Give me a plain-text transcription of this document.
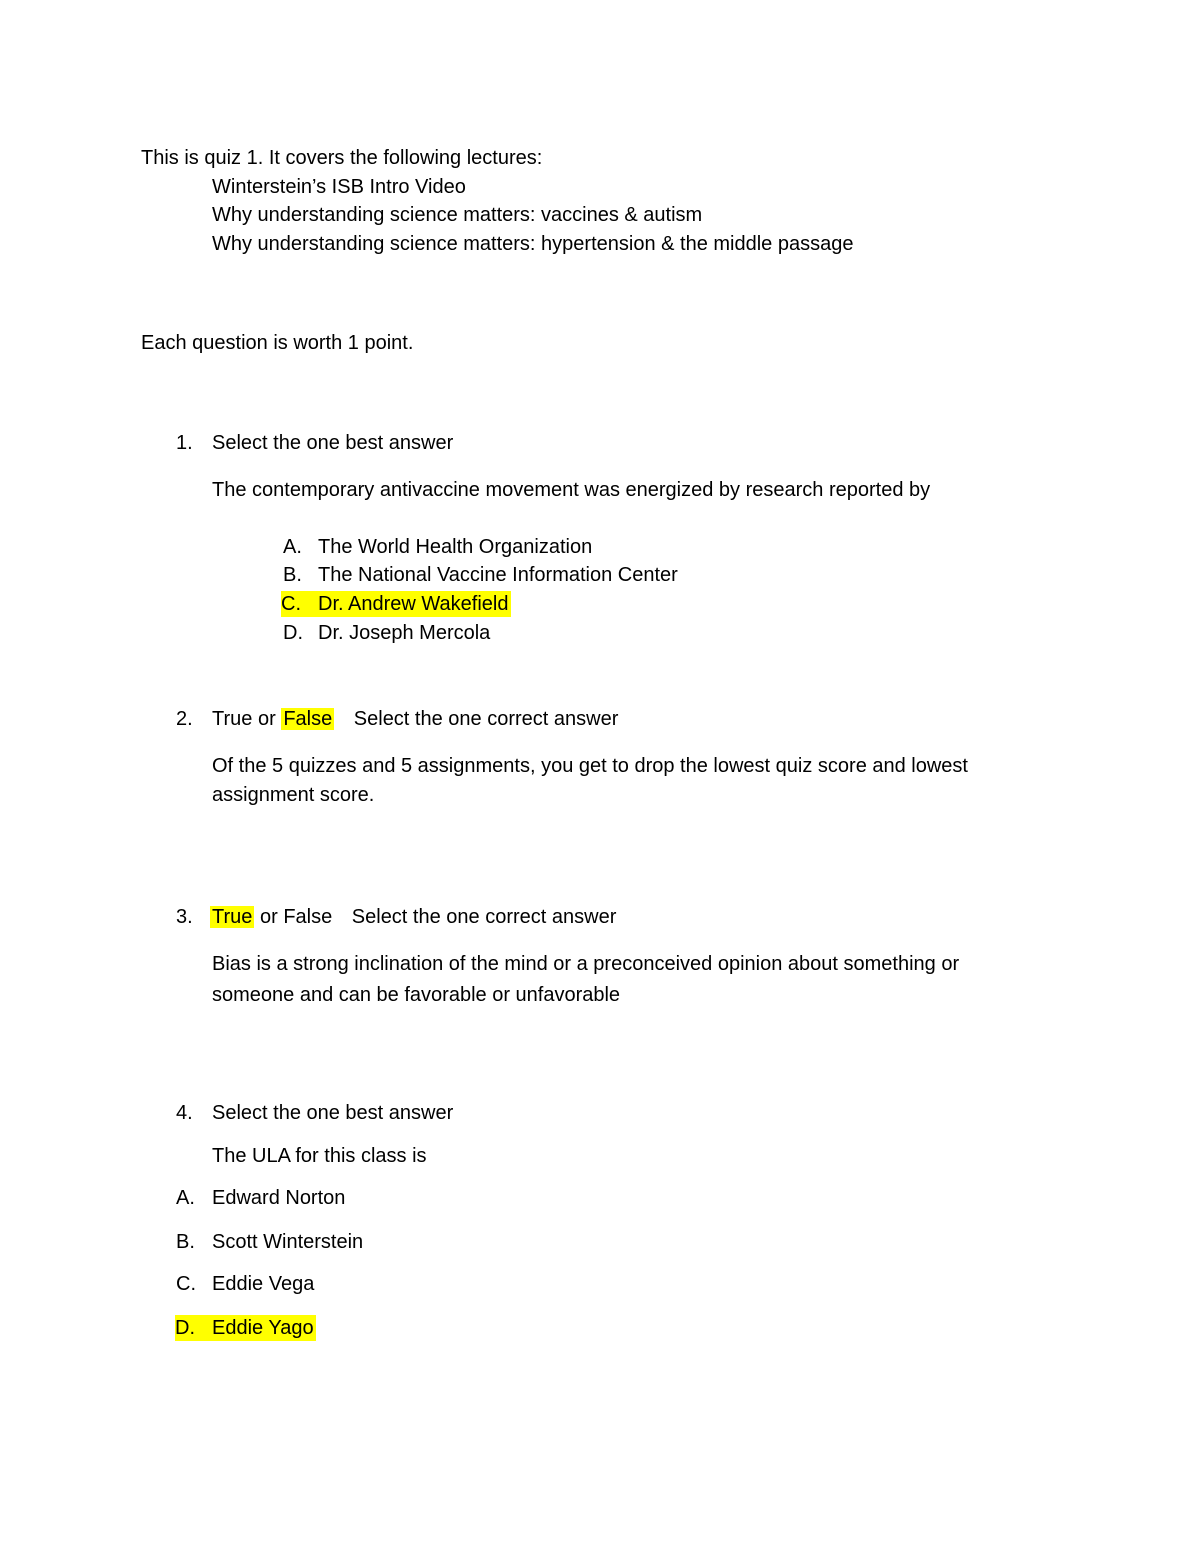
This is quiz 1. It covers the following lectures:
Winterstein’s ISB Intro Video
Why understanding science matters: vaccines & autism
Why understanding science matters: hypertension & the middle passage
Each question is worth 1 point.
1. Select the one best answer
The contemporary antivaccine movement was energized by research reported by
A. The World Health Organization
B. The National Vaccine Information Center
C. Dr. Andrew Wakefield
D. Dr. Joseph Mercola
2. True or False Select the one correct answer
Of the 5 quizzes and 5 assignments, you get to drop the lowest quiz score and lowest
assignment score.
3. True or False Select the one correct answer
Bias is a strong inclination of the mind or a preconceived opinion about something or
someone and can be favorable or unfavorable
4. Select the one best answer
The ULA for this class is
A. Edward Norton
B. Scott Winterstein
C. Eddie Vega
D. Eddie Yago
